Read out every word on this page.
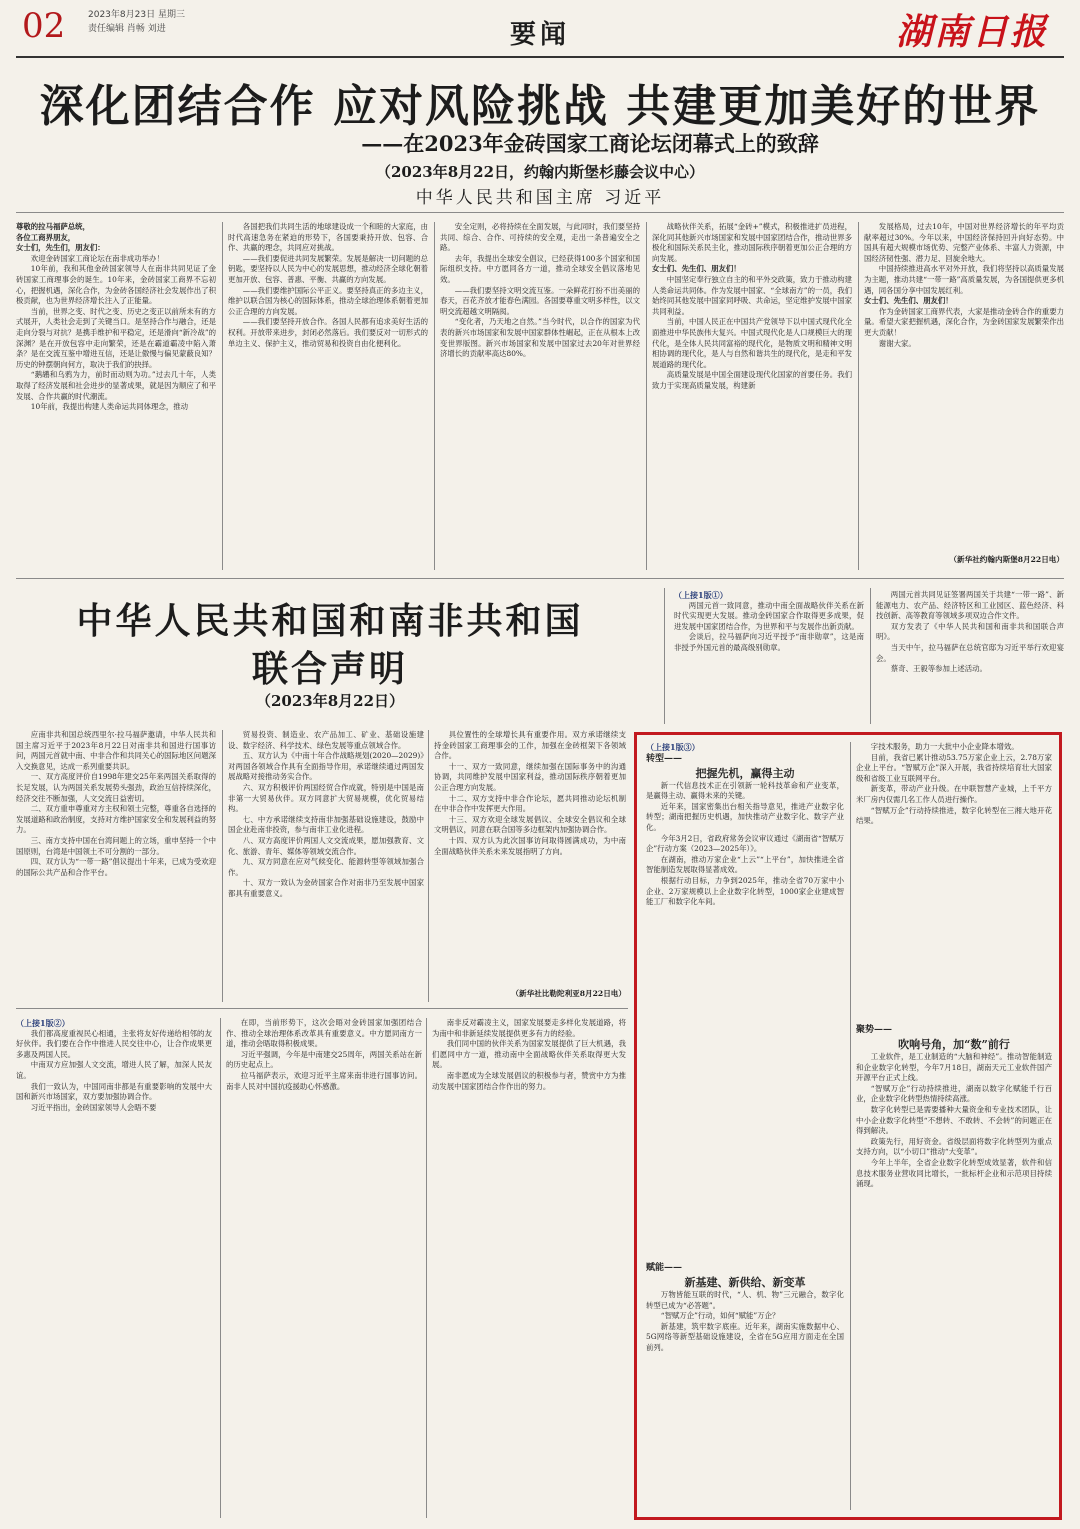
02	2023年8月23日 星期三
责任编辑 肖畅 刘进	要闻	湖南日报
深化团结合作 应对风险挑战 共建更加美好的世界
——在2023年金砖国家工商论坛闭幕式上的致辞
（2023年8月22日，约翰内斯堡杉藤会议中心）
中华人民共和国主席 习近平

尊敬的拉马福萨总统，

各位工商界朋友，

女士们，先生们，朋友们：

欢迎金砖国家工商论坛在南非成功举办！

10年前，我和其他金砖国家领导人在南非共同见证了金砖国家工商理事会的诞生。10年来，金砖国家工商界不忘初心，把握机遇，深化合作，为金砖各国经济社会发展作出了积极贡献，也为世界经济增长注入了正能量。

当前，世界之变、时代之变、历史之变正以前所未有的方式展开，人类社会走到了关键当口。是坚持合作与融合，还是走向分裂与对抗？是携手维护和平稳定，还是滑向“新冷战”的深渊？是在开放包容中走向繁荣，还是在霸道霸凌中陷入萧条？是在交流互鉴中增进互信，还是让傲慢与偏见蒙蔽良知？历史的钟摆朝向何方，取决于我们的抉择。

“鹅鹕和乌鸦为力，前时而动则为功。”过去几十年，人类取得了经济发展和社会进步的显著成果，就是因为顺应了和平发展、合作共赢的时代潮流。

10年前，我提出构建人类命运共同体理念，推动

各国把我们共同生活的地球建设成一个和睦的大家庭，由时代高速急务在紧迫的形势下，各国要秉持开放、包容、合作、共赢的理念，共同应对挑战。

——我们要促进共同发展繁荣。发展是解决一切问题的总钥匙，要坚持以人民为中心的发展思想，推动经济全球化朝着更加开放、包容、普惠、平衡、共赢的方向发展。

——我们要维护国际公平正义。要坚持真正的多边主义，维护以联合国为核心的国际体系，推动全球治理体系朝着更加公正合理的方向发展。

——我们要坚持开放合作。各国人民都有追求美好生活的权利。开放带来进步，封闭必然落后。我们要反对一切形式的单边主义、保护主义，推动贸易和投资自由化便利化。

安全定则，必将持续在全面发展，与此同时，我们要坚持共同、综合、合作、可持续的安全观，走出一条普遍安全之路。

去年，我提出全球安全倡议，已经获得100多个国家和国际组织支持。中方愿同各方一道，推动全球安全倡议落地见效。

——我们要坚持文明交流互鉴。一朵鲜花打扮不出美丽的春天，百花齐放才能春色满园。各国要尊重文明多样性，以文明交流超越文明隔阂。

“变化者，乃天地之自然。”当今时代，以合作的国家为代表的新兴市场国家和发展中国家群体性崛起，正在从根本上改变世界版图。新兴市场国家和发展中国家过去20年对世界经济增长的贡献率高达80%。

战略伙伴关系，拓展“金砖+”模式，积极推进扩员进程，深化同其他新兴市场国家和发展中国家团结合作，推动世界多极化和国际关系民主化，推动国际秩序朝着更加公正合理的方向发展。

女士们、先生们、朋友们！

中国坚定奉行独立自主的和平外交政策，致力于推动构建人类命运共同体。作为发展中国家、“全球南方”的一员，我们始终同其他发展中国家同呼吸、共命运，坚定维护发展中国家共同利益。

当前，中国人民正在中国共产党领导下以中国式现代化全面推进中华民族伟大复兴。中国式现代化是人口规模巨大的现代化，是全体人民共同富裕的现代化，是物质文明和精神文明相协调的现代化，是人与自然和谐共生的现代化，是走和平发展道路的现代化。

高质量发展是中国全面建设现代化国家的首要任务。我们致力于实现高质量发展，构建新

发展格局，过去10年，中国对世界经济增长的年平均贡献率超过30%。今年以来，中国经济保持回升向好态势。中国具有超大规模市场优势、完整产业体系、丰富人力资源，中国经济韧性强、潜力足、回旋余地大。

中国持续推进高水平对外开放，我们将坚持以高质量发展为主题，推动共建“一带一路”高质量发展，为各国提供更多机遇，同各国分享中国发展红利。

女士们、先生们、朋友们！

作为金砖国家工商界代表，大家是推动金砖合作的重要力量。希望大家把握机遇，深化合作，为金砖国家发展繁荣作出更大贡献！

谢谢大家。

（新华社约翰内斯堡8月22日电）
中华人民共和国和南非共和国
联合声明
（2023年8月22日）

（上接1版①）

两国元首一致同意，推动中南全面战略伙伴关系在新时代实现更大发展。推动金砖国家合作取得更多成果，促进发展中国家团结合作，为世界和平与发展作出新贡献。

会谈后，拉马福萨向习近平授予“南非勋章”，这是南非授予外国元首的最高级别勋章。

两国元首共同见证签署两国关于共建“一带一路”、新能源电力、农产品、经济特区和工业园区、蓝色经济、科技创新、高等教育等领域多项双边合作文件。

双方发表了《中华人民共和国和南非共和国联合声明》。

当天中午，拉马福萨在总统官邸为习近平举行欢迎宴会。

蔡奇、王毅等参加上述活动。

应南非共和国总统西里尔·拉马福萨邀请，中华人民共和国主席习近平于2023年8月22日对南非共和国进行国事访问，两国元首就中南、中非合作和共同关心的国际地区问题深入交换意见，达成一系列重要共识。

一、双方高度评价自1998年建交25年来两国关系取得的长足发展，认为两国关系发展势头强劲，政治互信持续深化，经济交往不断加强，人文交流日益密切。

二、双方重申尊重对方主权和领土完整，尊重各自选择的发展道路和政治制度，支持对方维护国家安全和发展利益的努力。

三、南方支持中国在台湾问题上的立场，重申坚持一个中国原则，台湾是中国领土不可分割的一部分。

四、双方认为“一带一路”倡议提出十年来，已成为受欢迎的国际公共产品和合作平台。

贸易投资、制造业、农产品加工、矿业、基础设施建设、数字经济、科学技术、绿色发展等重点领域合作。

五、双方认为《中南十年合作战略规划(2020—2029)》对两国各领域合作具有全面指导作用，承诺继续通过两国发展战略对接推动务实合作。

六、双方积极评价两国经贸合作成就，特别是中国是南非第一大贸易伙伴。双方同意扩大贸易规模，优化贸易结构。

七、中方承诺继续支持南非加强基础设施建设，鼓励中国企业赴南非投资，参与南非工业化进程。

八、双方高度评价两国人文交流成果，愿加强教育、文化、旅游、青年、媒体等领域交流合作。

九、双方同意在应对气候变化、能源转型等领域加强合作。

十、双方一致认为金砖国家合作对南非乃至发展中国家都具有重要意义。

具位置性的全球增长具有重要作用。双方承诺继续支持金砖国家工商理事会的工作，加强在金砖框架下各领域合作。

十一、双方一致同意，继续加强在国际事务中的沟通协调，共同维护发展中国家利益，推动国际秩序朝着更加公正合理方向发展。

十二、双方支持中非合作论坛，愿共同推动论坛机制在中非合作中发挥更大作用。

十三、双方欢迎全球发展倡议、全球安全倡议和全球文明倡议，同意在联合国等多边框架内加强协调合作。

十四、双方认为此次国事访问取得圆满成功，为中南全面战略伙伴关系未来发展指明了方向。

（新华社比勒陀利亚8月22日电）

（上接1版③）

转型——

把握先机，赢得主动

新一代信息技术正在引领新一轮科技革命和产业变革，是赢得主动、赢得未来的关键。

近年来，国家密集出台相关指导意见，推进产业数字化转型；湖南把握历史机遇，加快推动产业数字化、数字产业化。

今年3月2日，省政府常务会议审议通过《湖南省“智赋万企”行动方案（2023—2025年）》。

在湖南，推动万家企业“上云”“上平台”，加快推进全省智能制造发展取得显著成效。

根据行动目标，力争到2025年，推动全省70万家中小企业、2万家规模以上企业数字化转型，1000家企业建成智能工厂和数字化车间。

赋能——

新基建、新供给、新变革

万物皆能互联的时代，“人、机、物”三元融合，数字化转型已成为“必答题”。

“智赋万企”行动，如何“赋能”万企？

新基建，筑牢数字底座。近年来，湖南实施数据中心、5G网络等新型基础设施建设，全省在5G应用方面走在全国前列。

字技术服务，助力一大批中小企业降本增效。

目前，我省已累计推动53.75万家企业上云，2.78万家企业上平台。“智赋万企”深入开展，我省持续培育壮大国家级和省级工业互联网平台。

新变革，带动产业升级。在中联智慧产业城，上千平方米厂房内仅需几名工作人员进行操作。

“智赋万企”行动持续推进，数字化转型在三湘大地开花结果。

聚势——

吹响号角，加“数”前行

工业软件，是工业制造的“大脑和神经”。推动智能制造和企业数字化转型，今年7月18日，湖南天元工业软件国产开源平台正式上线。

“智赋万企”行动持续推进，湖南以数字化赋能千行百业，企业数字化转型热情持续高涨。

数字化转型已是需要播种大量资金和专业技术团队，让中小企业数字化转型“不想转、不敢转、不会转”的问题正在得到解决。

政策先行，用好资金。省级层面将数字化转型列为重点支持方向，以“小切口”推动“大变革”。

今年上半年，全省企业数字化转型成效显著，软件和信息技术服务业营收同比增长，一批标杆企业和示范项目持续涌现。

（上接1版②）

我们都高度重视民心相通，主张将友好传递给相邻的友好伙伴。我们要在合作中推进人民交往中心，让合作成果更多惠及两国人民。

中南双方应加强人文交流，增进人民了解，加深人民友谊。

我们一致认为，中国同南非都是有重要影响的发展中大国和新兴市场国家，双方要加强协调合作。

习近平指出，金砖国家领导人会晤不要

在即，当前形势下，这次会晤对金砖国家加强团结合作、推动全球治理体系改革具有重要意义。中方愿同南方一道，推动会晤取得积极成果。

习近平强调，今年是中南建交25周年，两国关系站在新的历史起点上。

拉马福萨表示，欢迎习近平主席来南非进行国事访问。南非人民对中国抗疫援助心怀感激。

南非反对霸凌主义，国家发展要走多样化发展道路，将为南中和非新延续发展提供更多有力的经验。

我们同中国的伙伴关系为国家发展提供了巨大机遇，我们愿同中方一道，推动南中全面战略伙伴关系取得更大发展。

南非愿成为全球发展倡议的积极参与者，赞赏中方为推动发展中国家团结合作作出的努力。
